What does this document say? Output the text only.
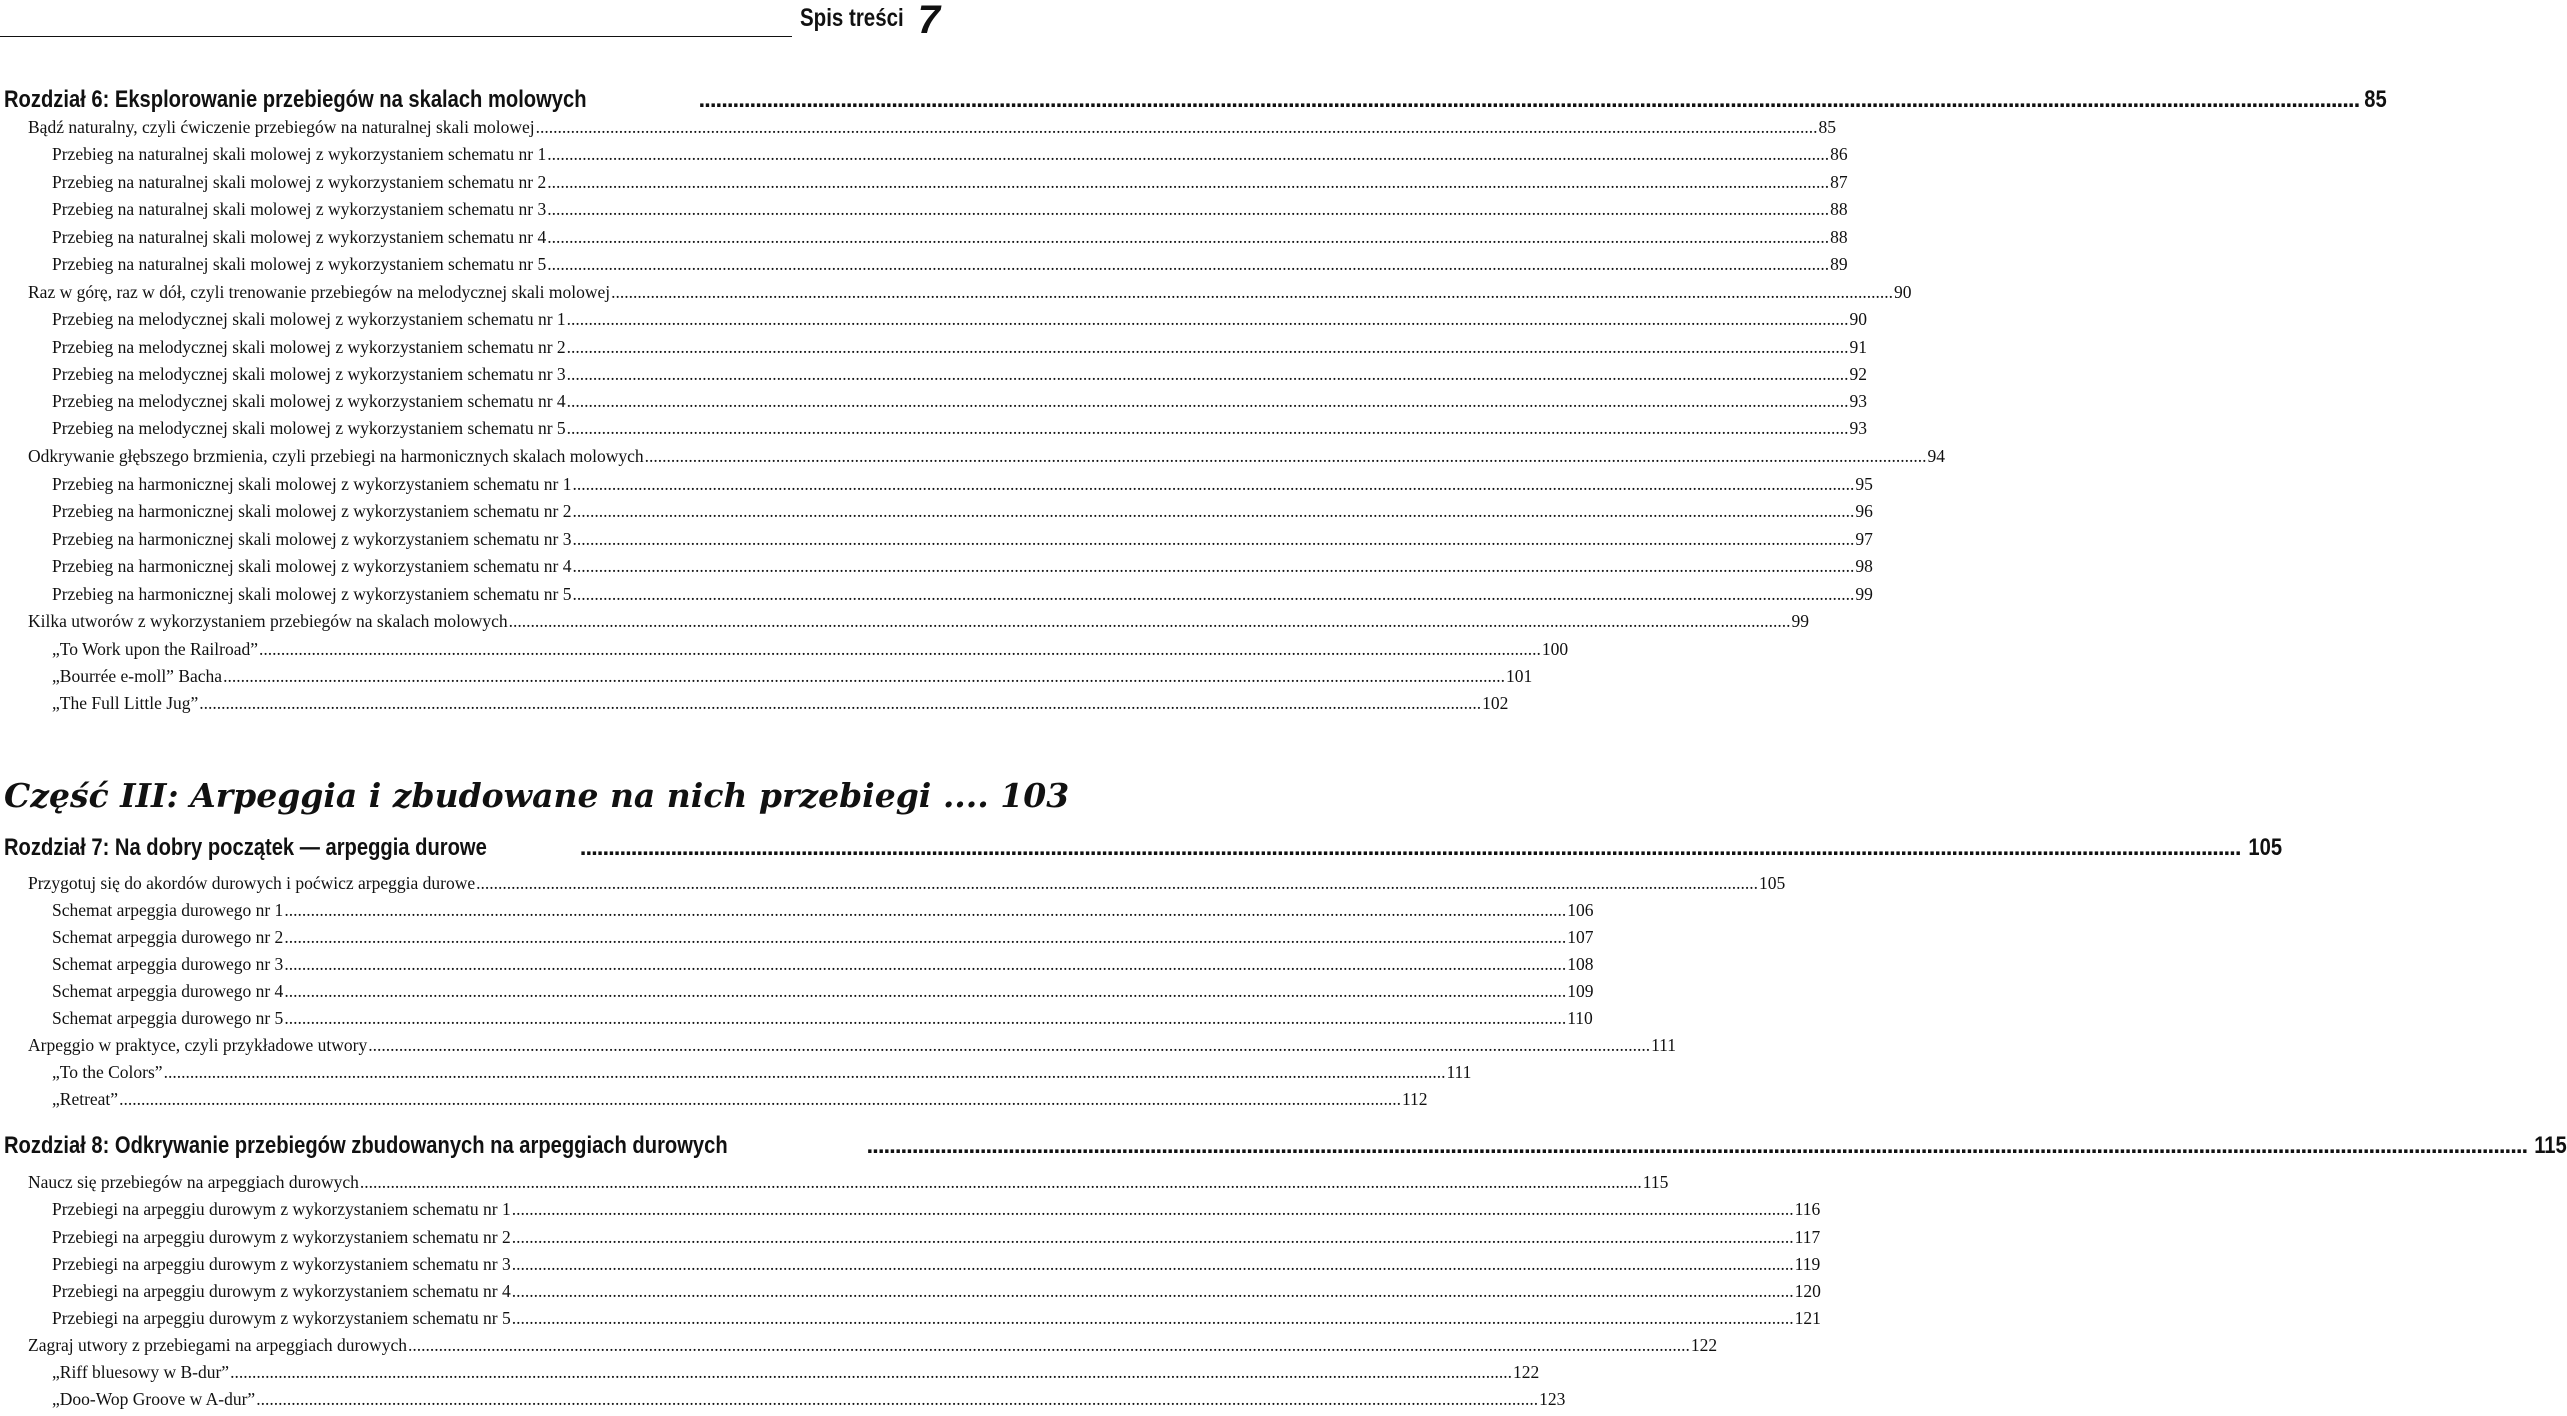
Spis treści 7
Rozdział 6: Eksplorowanie przebiegów na skalach molowych .....	85
Bądź naturalny, czyli ćwiczenie przebiegów na naturalnej skali molowej .....	85
Przebieg na naturalnej skali molowej z wykorzystaniem schematu nr 1 .....	86
Przebieg na naturalnej skali molowej z wykorzystaniem schematu nr 2 .....	87
Przebieg na naturalnej skali molowej z wykorzystaniem schematu nr 3 .....	88
Przebieg na naturalnej skali molowej z wykorzystaniem schematu nr 4 .....	88
Przebieg na naturalnej skali molowej z wykorzystaniem schematu nr 5 .....	89
Raz w górę, raz w dół, czyli trenowanie przebiegów na melodycznej skali molowej .....	90
Przebieg na melodycznej skali molowej z wykorzystaniem schematu nr 1 .....	90
Przebieg na melodycznej skali molowej z wykorzystaniem schematu nr 2 .....	91
Przebieg na melodycznej skali molowej z wykorzystaniem schematu nr 3 .....	92
Przebieg na melodycznej skali molowej z wykorzystaniem schematu nr 4 .....	93
Przebieg na melodycznej skali molowej z wykorzystaniem schematu nr 5 .....	93
Odkrywanie głębszego brzmienia, czyli przebiegi na harmonicznych skalach molowych .....	94
Przebieg na harmonicznej skali molowej z wykorzystaniem schematu nr 1 .....	95
Przebieg na harmonicznej skali molowej z wykorzystaniem schematu nr 2 .....	96
Przebieg na harmonicznej skali molowej z wykorzystaniem schematu nr 3 .....	97
Przebieg na harmonicznej skali molowej z wykorzystaniem schematu nr 4 .....	98
Przebieg na harmonicznej skali molowej z wykorzystaniem schematu nr 5 .....	99
Kilka utworów z wykorzystaniem przebiegów na skalach molowych .....	99
„To Work upon the Railroad” .....	100
„Bourrée e-moll” Bacha .....	101
„The Full Little Jug” .....	102
Część III: Arpeggia i zbudowane na nich przebiegi .... 103
Rozdział 7: Na dobry początek — arpeggia durowe .....	105
Przygotuj się do akordów durowych i poćwicz arpeggia durowe .....	105
Schemat arpeggia durowego nr 1 .....	106
Schemat arpeggia durowego nr 2 .....	107
Schemat arpeggia durowego nr 3 .....	108
Schemat arpeggia durowego nr 4 .....	109
Schemat arpeggia durowego nr 5 .....	110
Arpeggio w praktyce, czyli przykładowe utwory .....	111
„To the Colors” .....	111
„Retreat” .....	112
Rozdział 8: Odkrywanie przebiegów zbudowanych na arpeggiach durowych .....	115
Naucz się przebiegów na arpeggiach durowych .....	115
Przebiegi na arpeggiu durowym z wykorzystaniem schematu nr 1 .....	116
Przebiegi na arpeggiu durowym z wykorzystaniem schematu nr 2 .....	117
Przebiegi na arpeggiu durowym z wykorzystaniem schematu nr 3 .....	119
Przebiegi na arpeggiu durowym z wykorzystaniem schematu nr 4 .....	120
Przebiegi na arpeggiu durowym z wykorzystaniem schematu nr 5 .....	121
Zagraj utwory z przebiegami na arpeggiach durowych .....	122
„Riff bluesowy w B-dur” .....	122
„Doo-Wop Groove w A-dur” .....	123
